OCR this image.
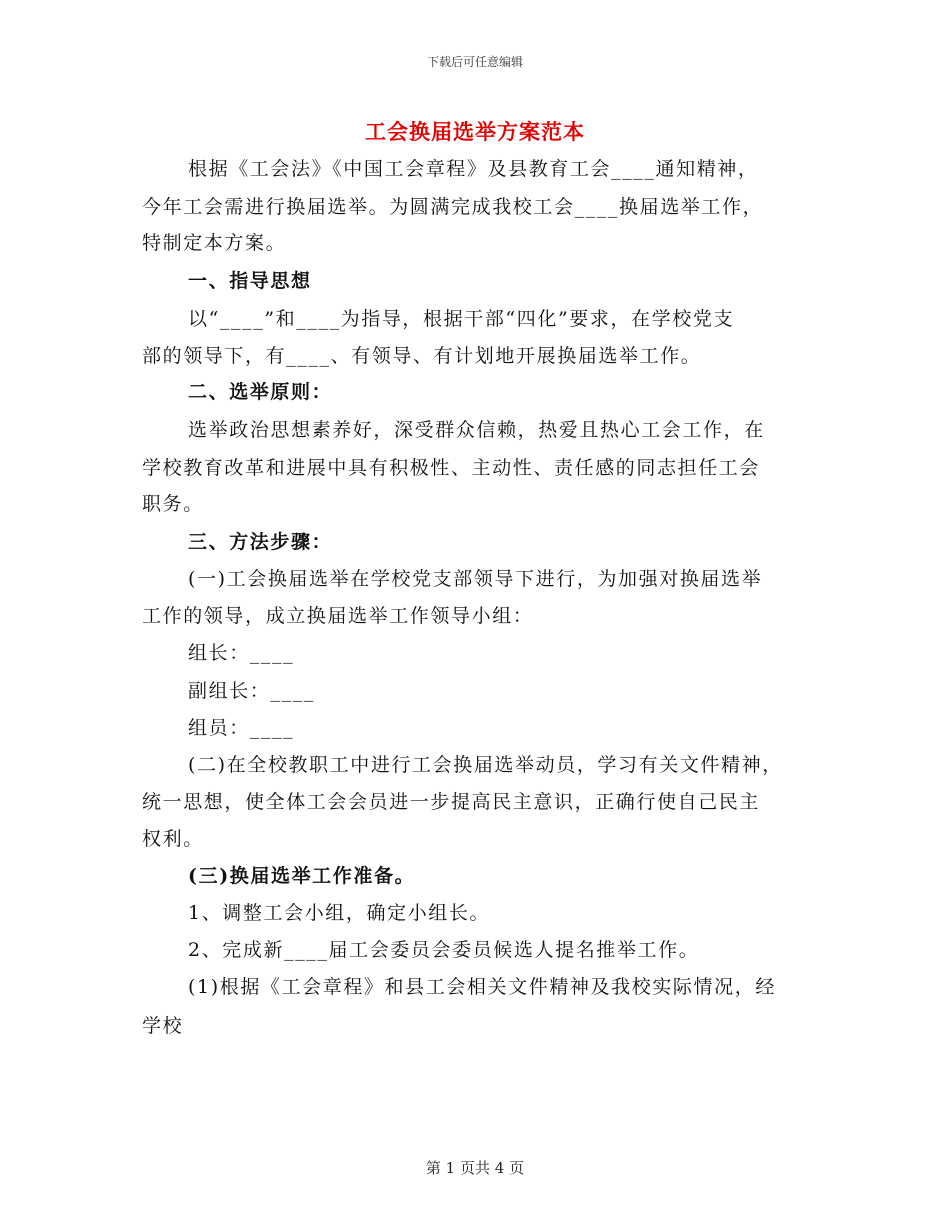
下载后可任意编辑
工会换届选举方案范本
根据《工会法》《中国工会章程》及县教育工会____通知精神，
今年工会需进行换届选举。为圆满完成我校工会____换届选举工作，
特制定本方案。
一、指导思想
以“____”和____为指导，根据干部“四化”要求，在学校党支
部的领导下，有____、有领导、有计划地开展换届选举工作。
二、选举原则：
选举政治思想素养好，深受群众信赖，热爱且热心工会工作，在
学校教育改革和进展中具有积极性、主动性、责任感的同志担任工会
职务。
三、方法步骤：
(一)工会换届选举在学校党支部领导下进行，为加强对换届选举
工作的领导，成立换届选举工作领导小组：
组长：____
副组长：____
组员：____
(二)在全校教职工中进行工会换届选举动员，学习有关文件精神，
统一思想，使全体工会会员进一步提高民主意识，正确行使自己民主
权利。
(三)换届选举工作准备。
1、调整工会小组，确定小组长。
2、完成新____届工会委员会委员候选人提名推举工作。
(1)根据《工会章程》和县工会相关文件精神及我校实际情况，经
学校
第 1 页共 4 页
